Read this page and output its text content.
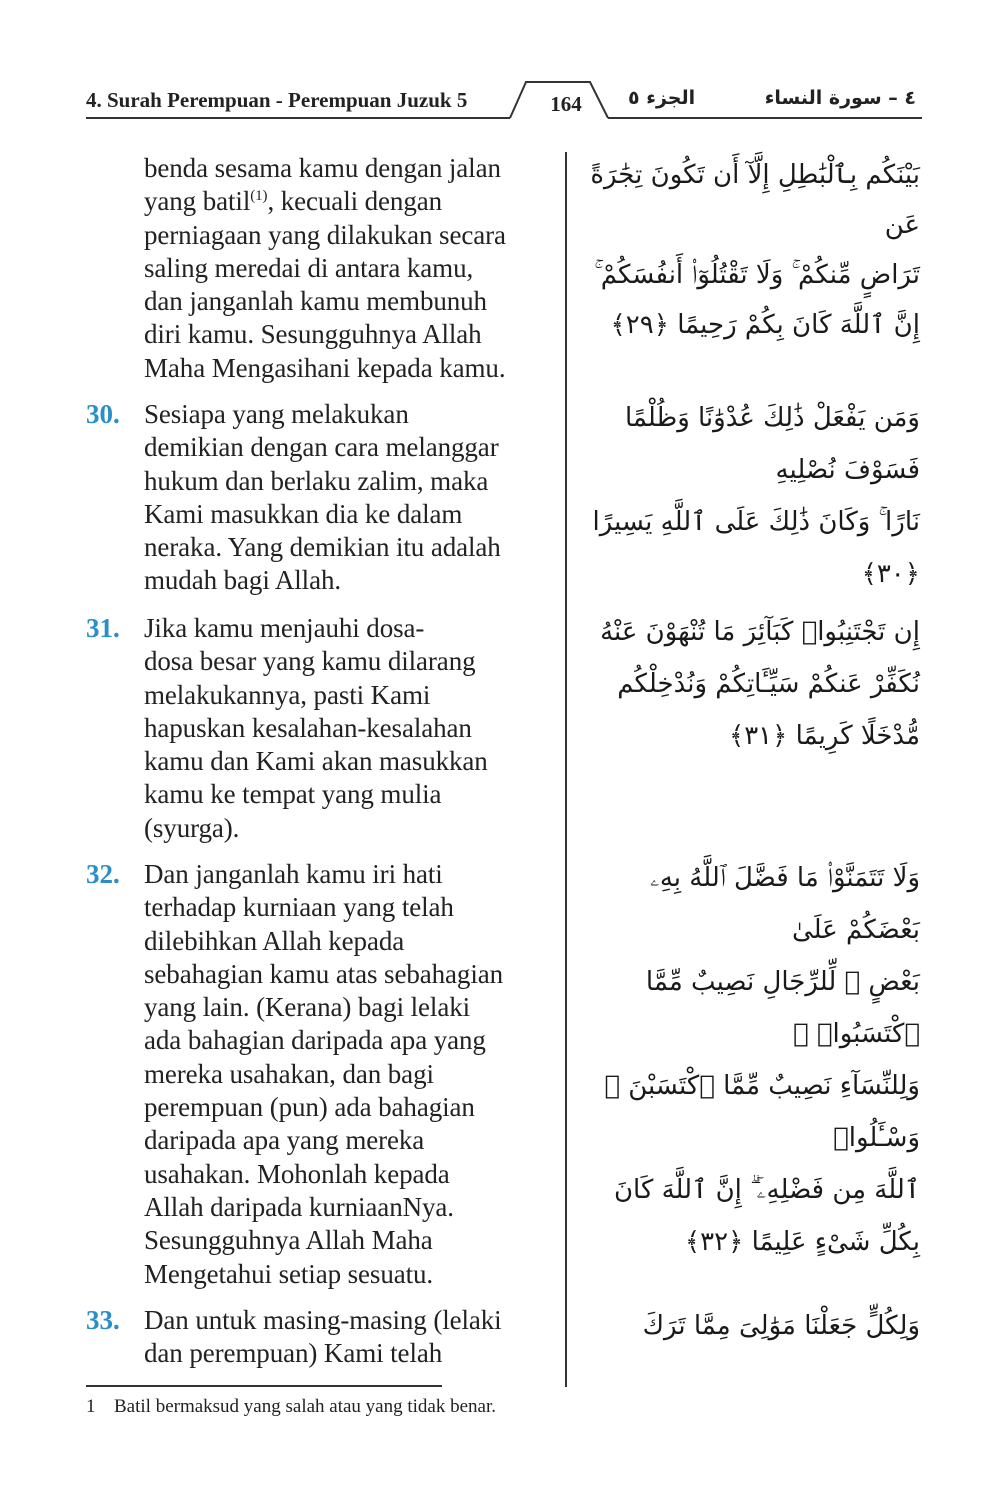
4. Surah Perempuan - Perempuan Juzuk 5	164	الجزء ٥	٤ – سورة النساء
benda sesama kamu dengan jalan
yang batil$^{(1)}$, kecuali dengan
perniagaan yang dilakukan secara
saling meredai di antara kamu,
dan janganlah kamu membunuh
diri kamu. Sesungguhnya Allah
Maha Mengasihani kepada kamu.
بَيْنَكُم بِٱلْبَٰطِلِ إِلَّآ أَن تَكُونَ تِجَٰرَةً عَن
تَرَاضٍ مِّنكُمْ ۚ وَلَا تَقْتُلُوٓا۟ أَنفُسَكُمْ ۚ
إِنَّ ٱللَّهَ كَانَ بِكُمْ رَحِيمًا ﴿٢٩﴾
30. Sesiapa yang melakukan
demikian dengan cara melanggar
hukum dan berlaku zalim, maka
Kami masukkan dia ke dalam
neraka. Yang demikian itu adalah
mudah bagi Allah.
وَمَن يَفْعَلْ ذَٰلِكَ عُدْوَٰنًا وَظُلْمًا فَسَوْفَ نُصْلِيهِ
نَارًا ۚ وَكَانَ ذَٰلِكَ عَلَى ٱللَّهِ يَسِيرًا ﴿٣٠﴾
31. Jika kamu menjauhi dosa-
dosa besar yang kamu dilarang
melakukannya, pasti Kami
hapuskan kesalahan-kesalahan
kamu dan Kami akan masukkan
kamu ke tempat yang mulia
(syurga).
إِن تَجْتَنِبُوا۟ كَبَآئِرَ مَا تُنْهَوْنَ عَنْهُ
نُكَفِّرْ عَنكُمْ سَيِّـَٔاتِكُمْ وَنُدْخِلْكُم
مُّدْخَلًا كَرِيمًا ﴿٣١﴾
32. Dan janganlah kamu iri hati
terhadap kurniaan yang telah
dilebihkan Allah kepada
sebahagian kamu atas sebahagian
yang lain. (Kerana) bagi lelaki
ada bahagian daripada apa yang
mereka usahakan, dan bagi
perempuan (pun) ada bahagian
daripada apa yang mereka
usahakan. Mohonlah kepada
Allah daripada kurniaanNya.
Sesungguhnya Allah Maha
Mengetahui setiap sesuatu.
وَلَا تَتَمَنَّوْا۟ مَا فَضَّلَ ٱللَّهُ بِهِۦ بَعْضَكُمْ عَلَىٰ
بَعْضٍ ۚ لِّلرِّجَالِ نَصِيبٌ مِّمَّا ٱكْتَسَبُوا۟ ۖ
وَلِلنِّسَآءِ نَصِيبٌ مِّمَّا ٱكْتَسَبْنَ ۚ وَسْـَٔلُوا۟
ٱللَّهَ مِن فَضْلِهِۦٓ ۗ إِنَّ ٱللَّهَ كَانَ
بِكُلِّ شَىْءٍ عَلِيمًا ﴿٣٢﴾
33. Dan untuk masing-masing (lelaki
dan perempuan) Kami telah
وَلِكُلٍّ جَعَلْنَا مَوَٰلِىَ مِمَّا تَرَكَ
1 Batil bermaksud yang salah atau yang tidak benar.
